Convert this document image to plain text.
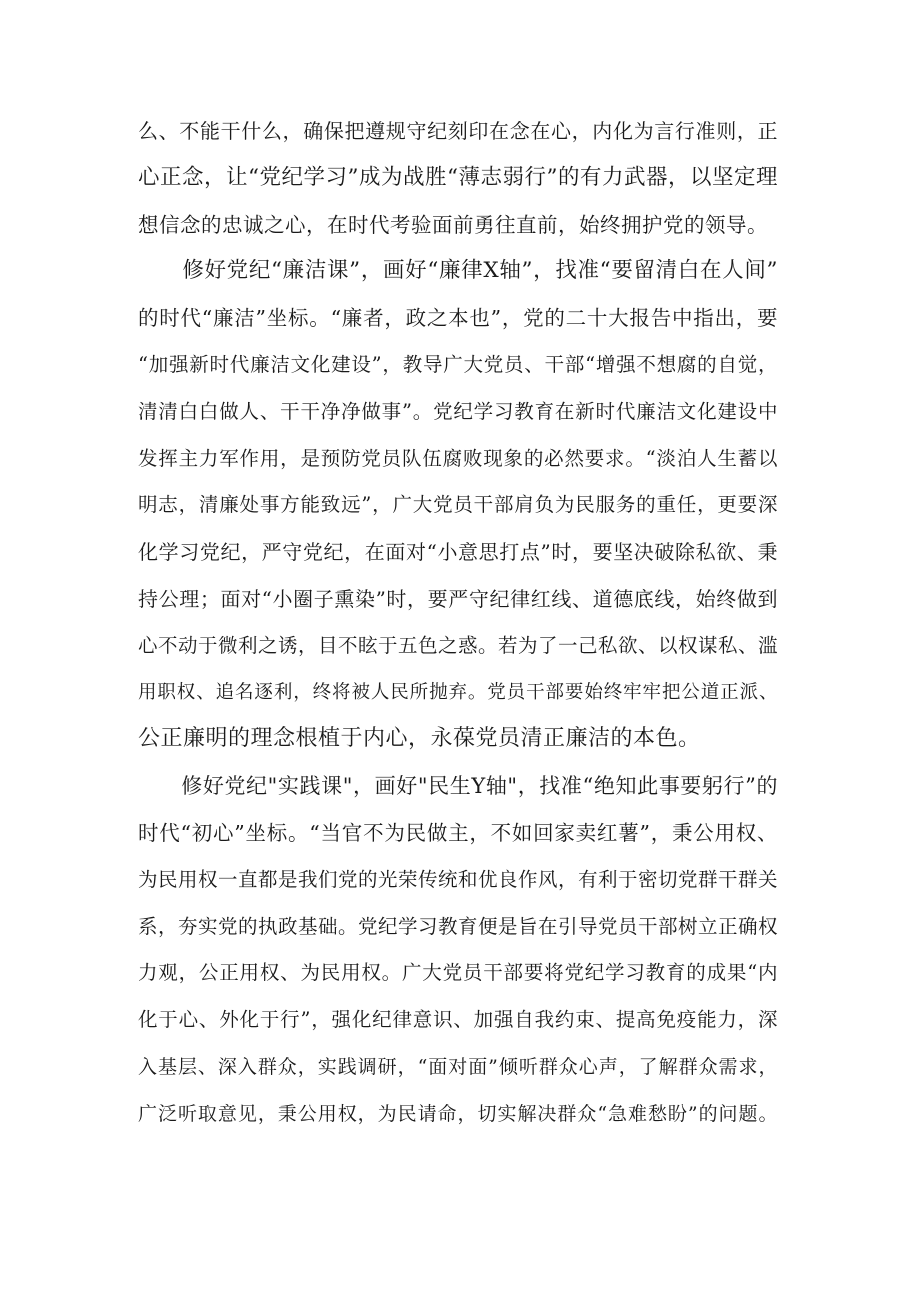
么、不能干什么，确保把遵规守纪刻印在念在心，内化为言行准则，正
心正念，让“党纪学习”成为战胜“薄志弱行”的有力武器，以坚定理
想信念的忠诚之心，在时代考验面前勇往直前，始终拥护党的领导。
　　修好党纪“廉洁课”，画好“廉律X轴”，找准“要留清白在人间”
的时代“廉洁”坐标。“廉者，政之本也”，党的二十大报告中指出，要
“加强新时代廉洁文化建设”，教导广大党员、干部“增强不想腐的自觉，
清清白白做人、干干净净做事”。党纪学习教育在新时代廉洁文化建设中
发挥主力军作用，是预防党员队伍腐败现象的必然要求。“淡泊人生蓄以
明志，清廉处事方能致远”，广大党员干部肩负为民服务的重任，更要深
化学习党纪，严守党纪，在面对“小意思打点”时，要坚决破除私欲、秉
持公理；面对“小圈子熏染”时，要严守纪律红线、道德底线，始终做到
心不动于微利之诱，目不眩于五色之惑。若为了一己私欲、以权谋私、滥
用职权、追名逐利，终将被人民所抛弃。党员干部要始终牢牢把公道正派、
公正廉明的理念根植于内心，永葆党员清正廉洁的本色。
　　修好党纪"实践课"，画好"民生Y轴"，找准“绝知此事要躬行”的
时代“初心”坐标。“当官不为民做主，不如回家卖红薯”，秉公用权、
为民用权一直都是我们党的光荣传统和优良作风，有利于密切党群干群关
系，夯实党的执政基础。党纪学习教育便是旨在引导党员干部树立正确权
力观，公正用权、为民用权。广大党员干部要将党纪学习教育的成果“内
化于心、外化于行”，强化纪律意识、加强自我约束、提高免疫能力，深
入基层、深入群众，实践调研，“面对面”倾听群众心声，了解群众需求，
广泛听取意见，秉公用权，为民请命，切实解决群众“急难愁盼”的问题。
